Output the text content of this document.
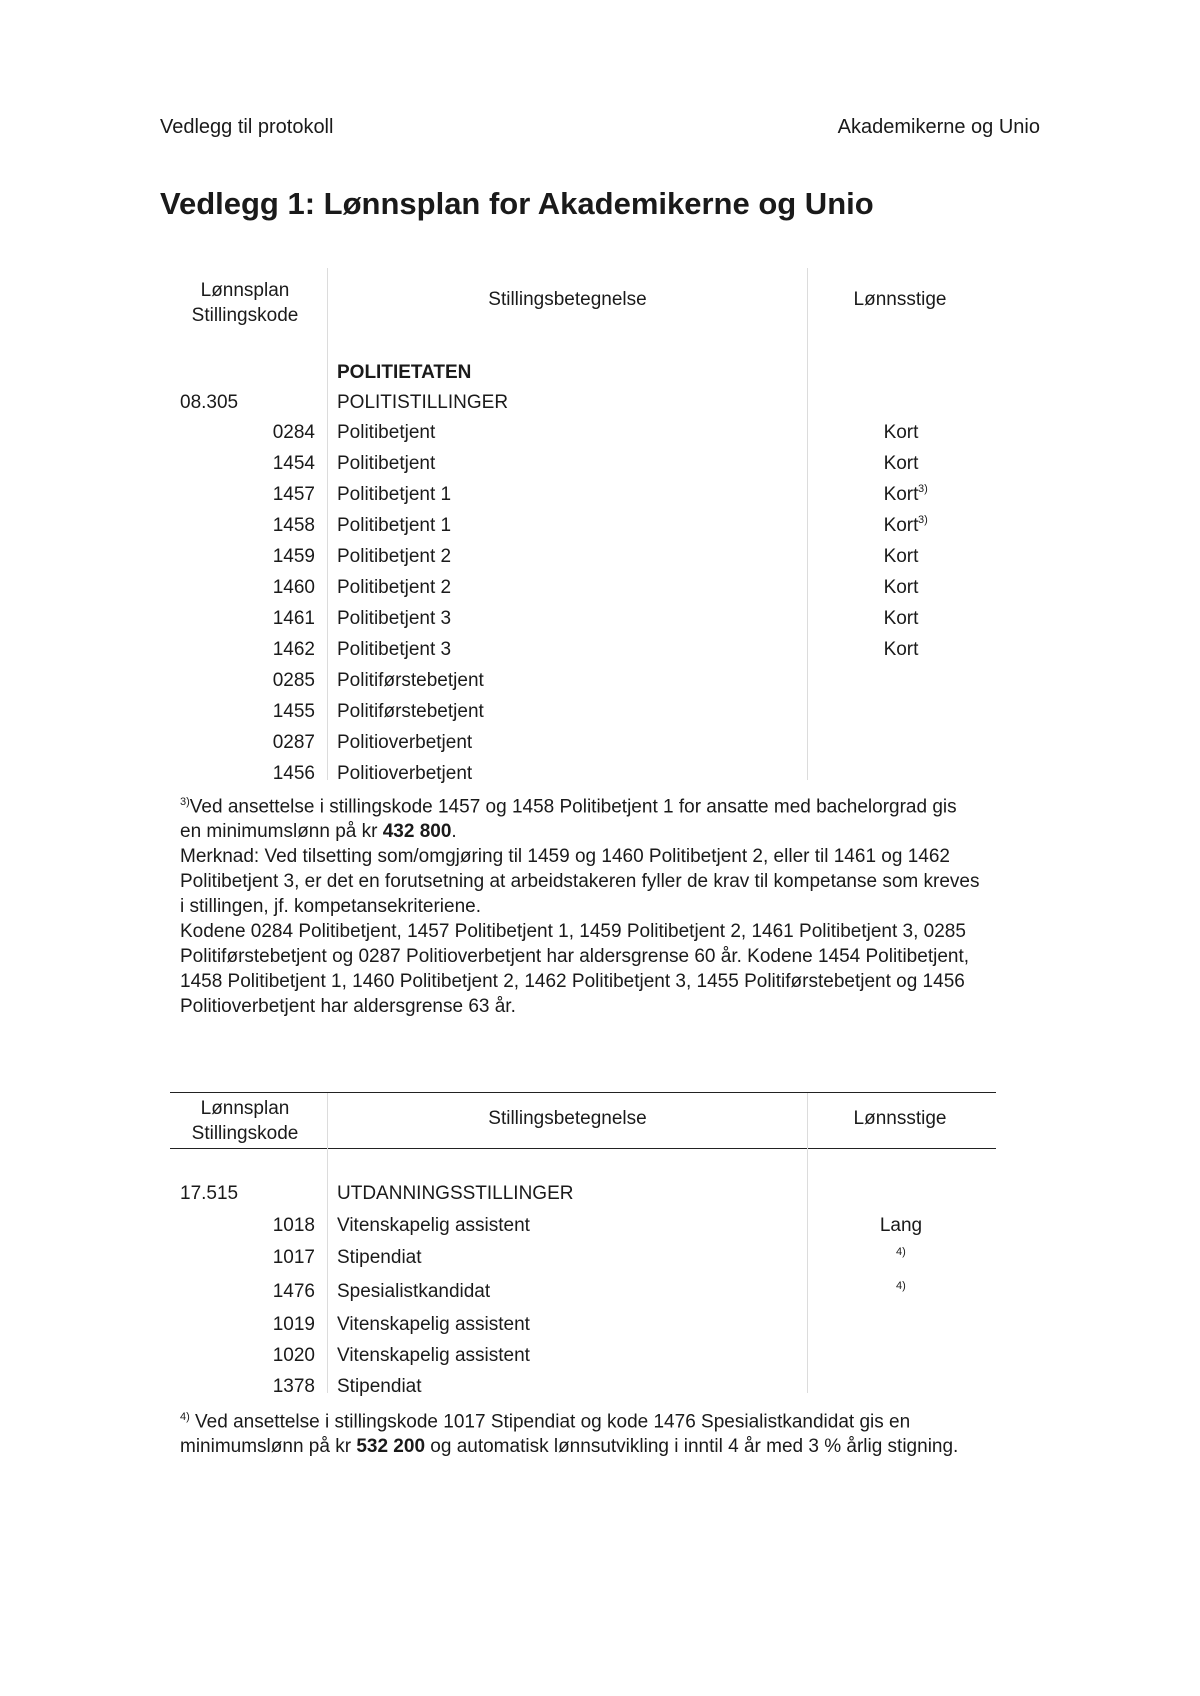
Vedlegg til protokoll	Akademikerne og Unio
Vedlegg 1: Lønnsplan for Akademikerne og Unio
Lønnsplan
Stillingskode
Stillingsbetegnelse	Lønnsstige
POLITIETATEN
08.305	POLITISTILLINGER
0284 Politibetjent	Kort
1454 Politibetjent	Kort
1457 Politibetjent 1	Kort 3)
1458 Politibetjent 1	Kort 3)
1459 Politibetjent 2	Kort
1460 Politibetjent 2	Kort
1461 Politibetjent 3	Kort
1462 Politibetjent 3	Kort
0285 Politiførstebetjent
1455 Politiførstebetjent
0287 Politioverbetjent
1456 Politioverbetjent
$^{3)}$Ved ansettelse i stillingskode 1457 og 1458 Politibetjent 1 for ansatte med bachelorgrad gis en minimumslønn på kr 432 800.
Merknad: Ved tilsetting som/omgjøring til 1459 og 1460 Politibetjent 2, eller til 1461 og 1462 Politibetjent 3, er det en forutsetning at arbeidstakeren fyller de krav til kompetanse som kreves i stillingen, jf. kompetansekriteriene.
Kodene 0284 Politibetjent, 1457 Politibetjent 1, 1459 Politibetjent 2, 1461 Politibetjent 3, 0285 Politiførstebetjent og 0287 Politioverbetjent har aldersgrense 60 år. Kodene 1454 Politibetjent, 1458 Politibetjent 1, 1460 Politibetjent 2, 1462 Politibetjent 3, 1455 Politiførstebetjent og 1456 Politioverbetjent har aldersgrense 63 år.
Lønnsplan
Stillingskode
Stillingsbetegnelse	Lønnsstige
17.515	UTDANNINGSSTILLINGER
1018 Vitenskapelig assistent	Lang
1017 Stipendiat	4)
1476 Spesialistkandidat	4)
1019 Vitenskapelig assistent
1020 Vitenskapelig assistent
1378 Stipendiat
$^{4)}$ Ved ansettelse i stillingskode 1017 Stipendiat og kode 1476 Spesialistkandidat gis en minimumslønn på kr 532 200 og automatisk lønnsutvikling i inntil 4 år med 3 % årlig stigning.
